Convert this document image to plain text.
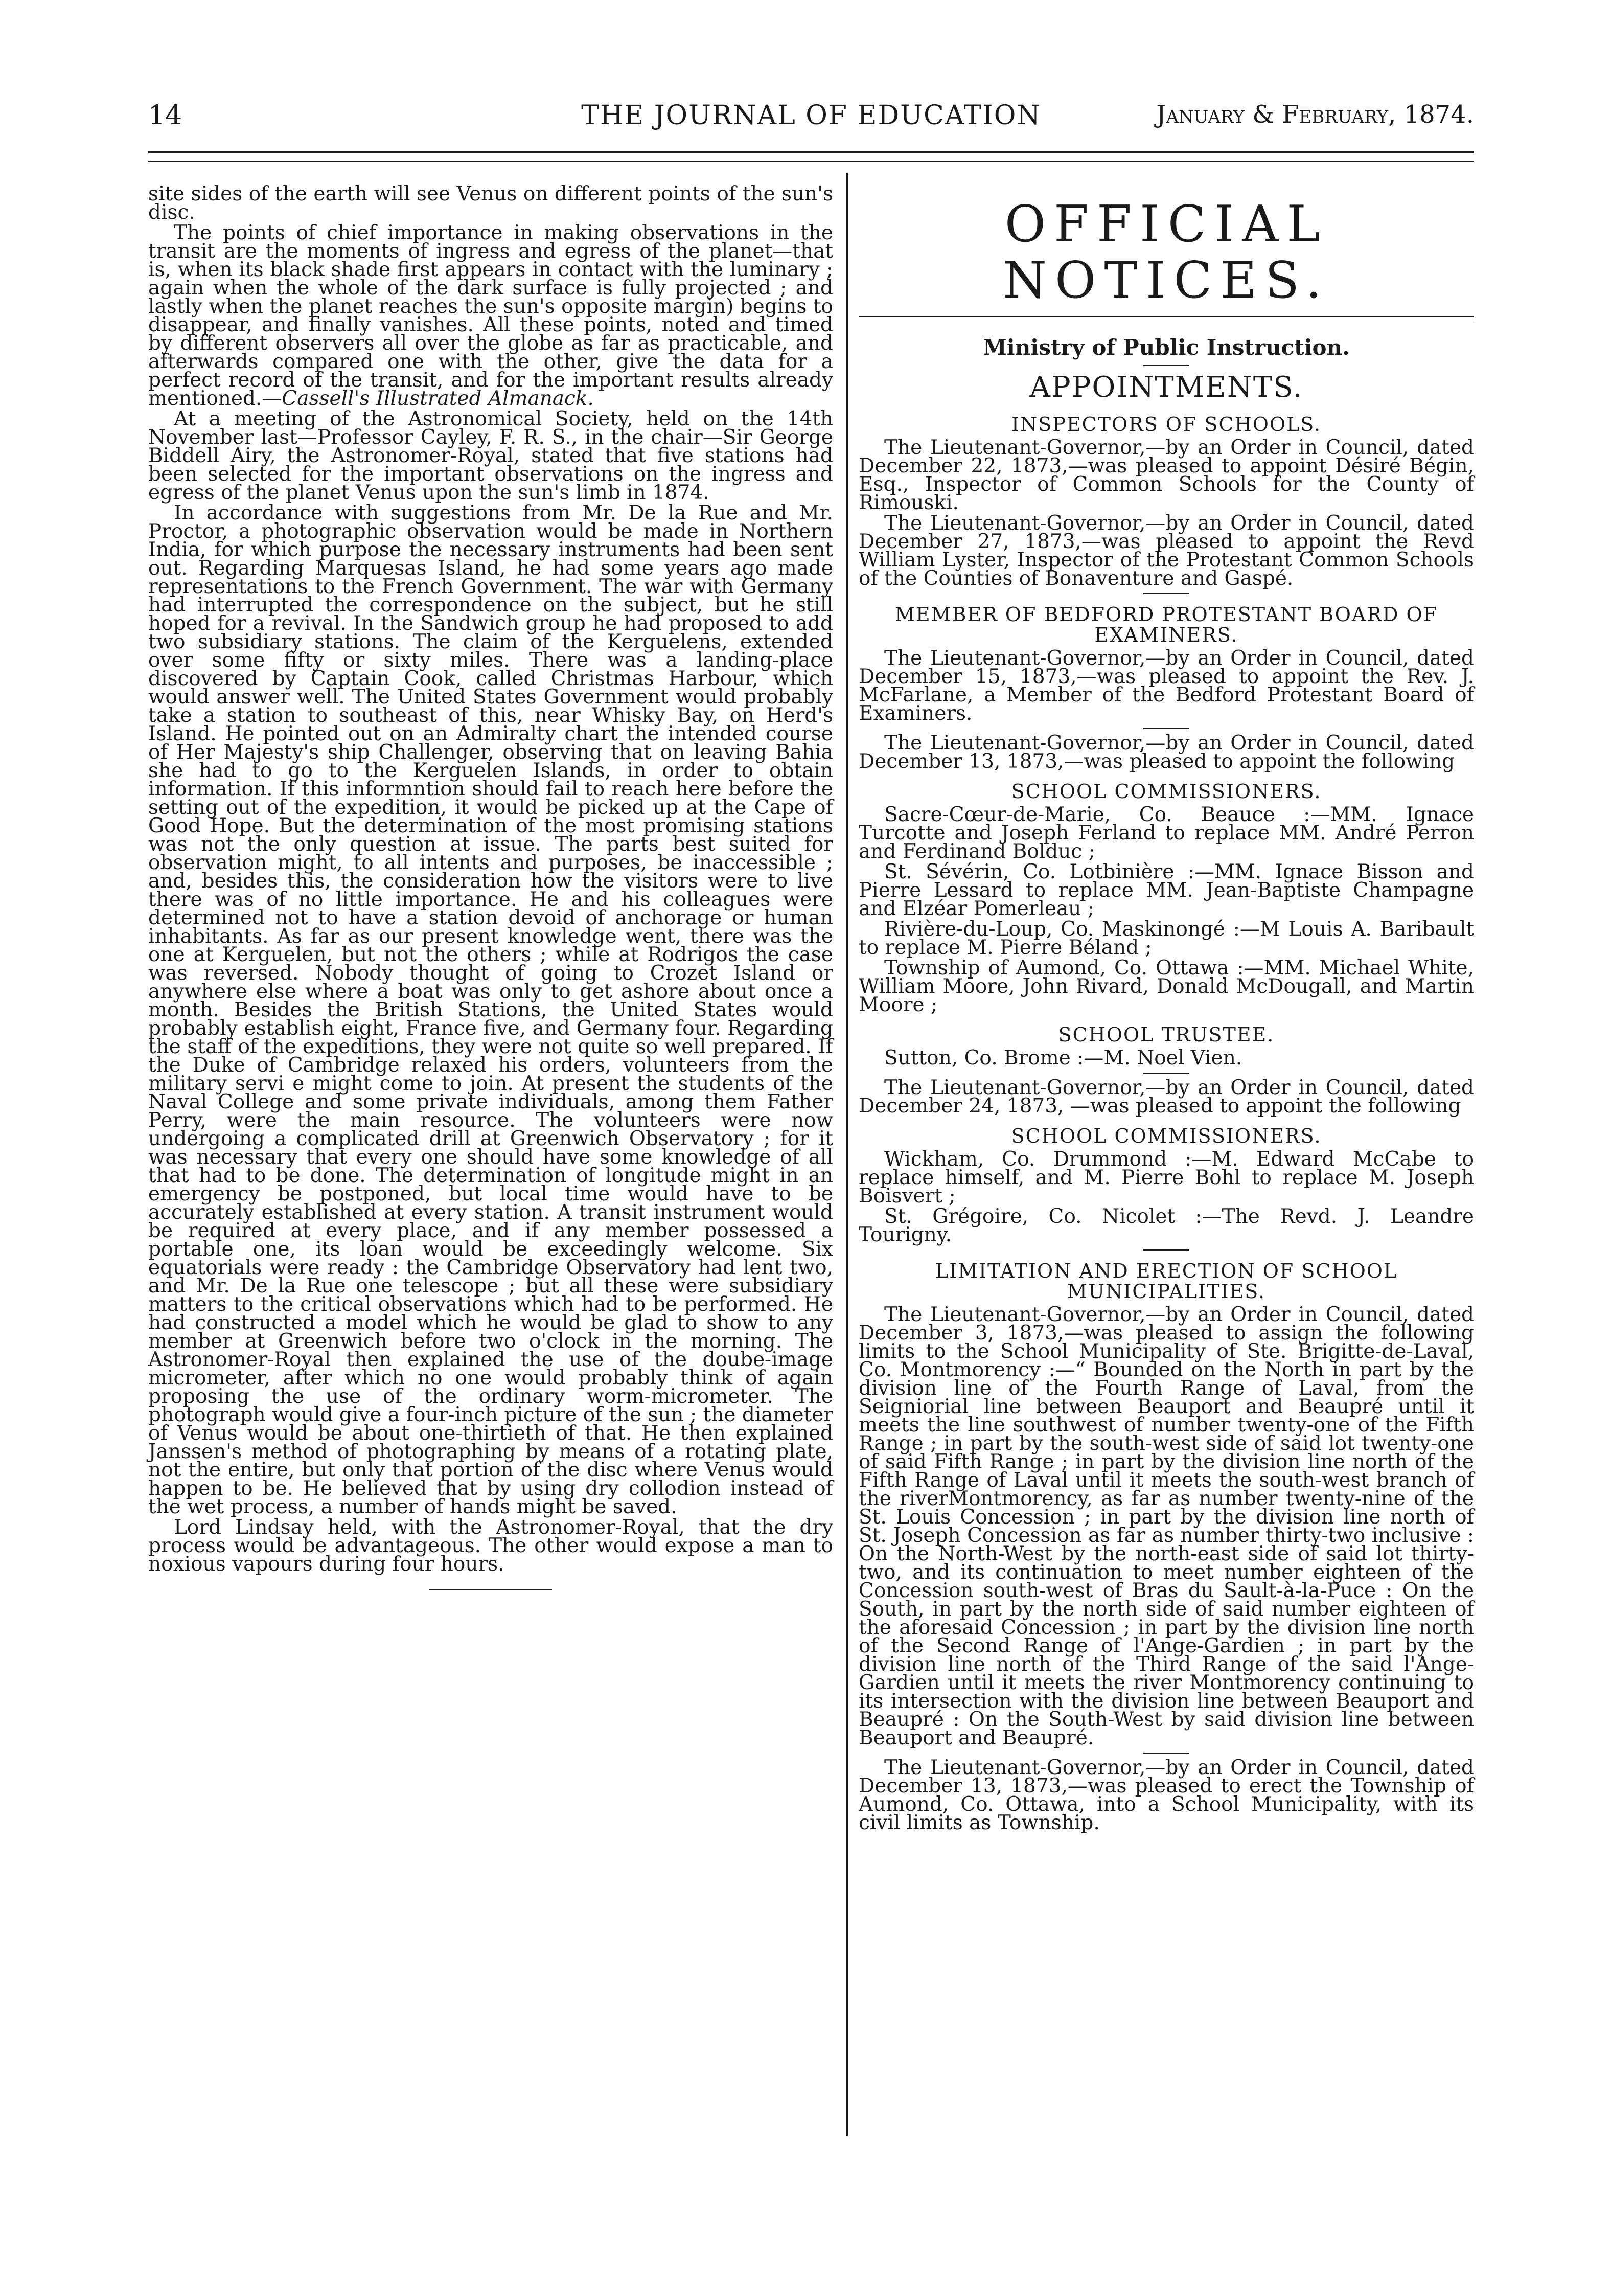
14	THE JOURNAL OF EDUCATION	January & February, 1874.

site sides of the earth will see Venus on different points of the sun's disc.

The points of chief importance in making observations in the transit are the moments of ingress and egress of the planet—that is, when its black shade first appears in contact with the luminary ; again when the whole of the dark surface is fully projected ; and lastly when the planet reaches the sun's opposite margin) begins to disappear, and finally vanishes. All these points, noted and timed by different observers all over the globe as far as practicable, and afterwards compared one with the other, give the data for a perfect record of the transit, and for the important results already mentioned.—Cassell's Illustrated Almanack.

At a meeting of the Astronomical Society, held on the 14th November last—Professor Cayley, F. R. S., in the chair—Sir George Biddell Airy, the Astronomer-Royal, stated that five stations had been selected for the important observations on the ingress and egress of the planet Venus upon the sun's limb in 1874.

In accordance with suggestions from Mr. De la Rue and Mr. Proctor, a photographic observation would be made in Northern India, for which purpose the necessary instruments had been sent out. Regarding Marquesas Island, he had some years ago made representations to the French Government. The war with Germany had interrupted the correspondence on the subject, but he still hoped for a revival. In the Sandwich group he had proposed to add two subsidiary stations. The claim of the Kerguelens, extended over some fifty or sixty miles. There was a landing-place discovered by Captain Cook, called Christmas Harbour, which would answer well. The United States Government would probably take a station to southeast of this, near Whisky Bay, on Herd's Island. He pointed out on an Admiralty chart the intended course of Her Majesty's ship Challenger, observing that on leaving Bahia she had to go to the Kerguelen Islands, in order to obtain information. If this informntion should fail to reach here before the setting out of the expedition, it would be picked up at the Cape of Good Hope. But the determination of the most promising stations was not the only question at issue. The parts best suited for observation might, to all intents and purposes, be inaccessible ; and, besides this, the consideration how the visitors were to live there was of no little importance. He and his colleagues were determined not to have a station devoid of anchorage or human inhabitants. As far as our present knowledge went, there was the one at Kerguelen, but not the others ; while at Rodrigos the case was reversed. Nobody thought of going to Crozet Island or anywhere else where a boat was only to get ashore about once a month. Besides the British Stations, the United States would probably establish eight, France five, and Germany four. Regarding the staff of the expeditions, they were not quite so well prepared. If the Duke of Cambridge relaxed his orders, volunteers from the military servi e might come to join. At present the students of the Naval College and some private individuals, among them Father Perry, were the main resource. The volunteers were now undergoing a complicated drill at Greenwich Observatory ; for it was necessary that every one should have some knowledge of all that had to be done. The determination of longitude might in an emergency be postponed, but local time would have to be accurately established at every station. A transit instrument would be required at every place, and if any member possessed a portable one, its loan would be exceedingly welcome. Six equatorials were ready : the Cambridge Observatory had lent two, and Mr. De la Rue one telescope ; but all these were subsidiary matters to the critical observations which had to be performed. He had constructed a model which he would be glad to show to any member at Greenwich before two o'clock in the morning. The Astronomer-Royal then explained the use of the doube-image micrometer, after which no one would probably think of again proposing the use of the ordinary worm-micrometer. The photograph would give a four-inch picture of the sun ; the diameter of Venus would be about one-thirtieth of that. He then explained Janssen's method of photographing by means of a rotating plate, not the entire, but only that portion of the disc where Venus would happen to be. He believed that by using dry collodion instead of the wet process, a number of hands might be saved.

Lord Lindsay held, with the Astronomer-Royal, that the dry process would be advantageous. The other would expose a man to noxious vapours during four hours.

OFFICIAL NOTICES.
Ministry of Public Instruction.
APPOINTMENTS.
INSPECTORS OF SCHOOLS.

The Lieutenant-Governor,—by an Order in Council, dated December 22, 1873,—was pleased to appoint Désiré Bégin, Esq., Inspector of Common Schools for the County of Rimouski.

The Lieutenant-Governor,—by an Order in Council, dated December 27, 1873,—was pleased to appoint the Revd William Lyster, Inspector of the Protestant Common Schools of the Counties of Bonaventure and Gaspé.

MEMBER OF BEDFORD PROTESTANT BOARD OF EXAMINERS.

The Lieutenant-Governor,—by an Order in Council, dated December 15, 1873,—was pleased to appoint the Rev. J. McFarlane, a Member of the Bedford Protestant Board of Examiners.

The Lieutenant-Governor,—by an Order in Council, dated December 13, 1873,—was pleased to appoint the following

SCHOOL COMMISSIONERS.

Sacre-Cœur-de-Marie, Co. Beauce :—MM. Ignace Turcotte and Joseph Ferland to replace MM. André Perron and Ferdinand Bolduc ;

St. Sévérin, Co. Lotbinière :—MM. Ignace Bisson and Pierre Lessard to replace MM. Jean-Baptiste Champagne and Elzéar Pomerleau ;

Rivière-du-Loup, Co. Maskinongé :—M Louis A. Baribault to replace M. Pierre Béland ;

Township of Aumond, Co. Ottawa :—MM. Michael White, William Moore, John Rivard, Donald McDougall, and Martin Moore ;

SCHOOL TRUSTEE.

Sutton, Co. Brome :—M. Noel Vien.

The Lieutenant-Governor,—by an Order in Council, dated December 24, 1873, —was pleased to appoint the following

SCHOOL COMMISSIONERS.

Wickham, Co. Drummond :—M. Edward McCabe to replace himself, and M. Pierre Bohl to replace M. Joseph Boisvert ;

St. Grégoire, Co. Nicolet :—The Revd. J. Leandre Tourigny.

LIMITATION AND ERECTION OF SCHOOL MUNICIPALITIES.

The Lieutenant-Governor,—by an Order in Council, dated December 3, 1873,—was pleased to assign the following limits to the School Municipality of Ste. Brigitte-de-Laval, Co. Montmorency :—“ Bounded on the North in part by the division line of the Fourth Range of Laval, from the Seigniorial line between Beauport and Beaupré until it meets the line southwest of number twenty-one of the Fifth Range ; in part by the south-west side of said lot twenty-one of said Fifth Range ; in part by the division line north of the Fifth Range of Laval until it meets the south-west branch of the riverMontmorency, as far as number twenty-nine of the St. Louis Concession ; in part by the division line north of St. Joseph Concession as far as number thirty-two inclusive : On the North-West by the north-east side of said lot thirty-two, and its continuation to meet number eighteen of the Concession south-west of Bras du Sault-à-la-Puce : On the South, in part by the north side of said number eighteen of the aforesaid Concession ; in part by the division line north of the Second Range of l'Ange-Gardien ; in part by the division line north of the Third Range of the said l'Ange-Gardien until it meets the river Montmorency continuing to its intersection with the division line between Beauport and Beaupré : On the South-West by said division line between Beauport and Beaupré.

The Lieutenant-Governor,—by an Order in Council, dated December 13, 1873,—was pleased to erect the Township of Aumond, Co. Ottawa, into a School Municipality, with its civil limits as Township.
